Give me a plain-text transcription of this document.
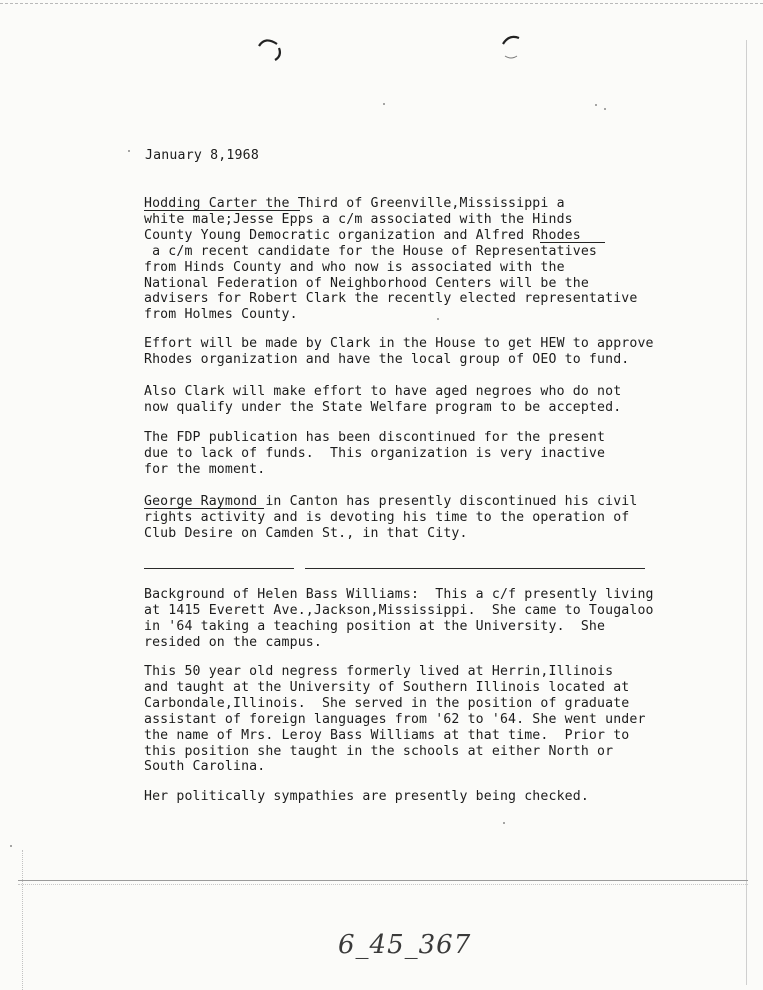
January 8,1968
Hodding Carter the Third of Greenville,Mississippi a
white male;Jesse Epps a c/m associated with the Hinds
County Young Democratic organization and Alfred Rhodes
a c/m recent candidate for the House of Representatives
from Hinds County and who now is associated with the
National Federation of Neighborhood Centers will be the
advisers for Robert Clark the recently elected representative
from Holmes County.
Effort will be made by Clark in the House to get HEW to approve
Rhodes organization and have the local group of OEO to fund.
Also Clark will make effort to have aged negroes who do not
now qualify under the State Welfare program to be accepted.
The FDP publication has been discontinued for the present
due to lack of funds.  This organization is very inactive
for the moment.
George Raymond in Canton has presently discontinued his civil
rights activity and is devoting his time to the operation of
Club Desire on Camden St., in that City.
Background of Helen Bass Williams:  This a c/f presently living
at 1415 Everett Ave.,Jackson,Mississippi.  She came to Tougaloo
in '64 taking a teaching position at the University.  She
resided on the campus.
This 50 year old negress formerly lived at Herrin,Illinois
and taught at the University of Southern Illinois located at
Carbondale,Illinois.  She served in the position of graduate
assistant of foreign languages from '62 to '64. She went under
the name of Mrs. Leroy Bass Williams at that time.  Prior to
this position she taught in the schools at either North or
South Carolina.
Her politically sympathies are presently being checked.
6_45_367
